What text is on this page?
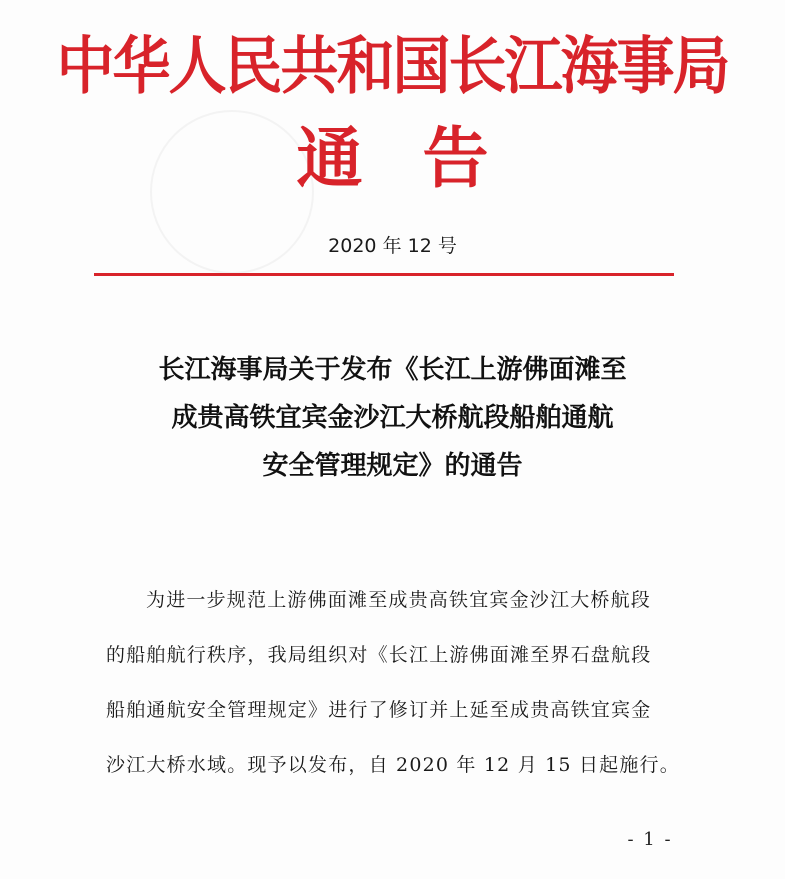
中华人民共和国长江海事局
通告
2020 年 12 号
长江海事局关于发布《长江上游佛面滩至
成贵高铁宜宾金沙江大桥航段船舶通航
安全管理规定》的通告
为进一步规范上游佛面滩至成贵高铁宜宾金沙江大桥航段
的船舶航行秩序，我局组织对《长江上游佛面滩至界石盘航段
船舶通航安全管理规定》进行了修订并上延至成贵高铁宜宾金
沙江大桥水域。现予以发布，自 2020 年 12 月 15 日起施行。
- 1 -
